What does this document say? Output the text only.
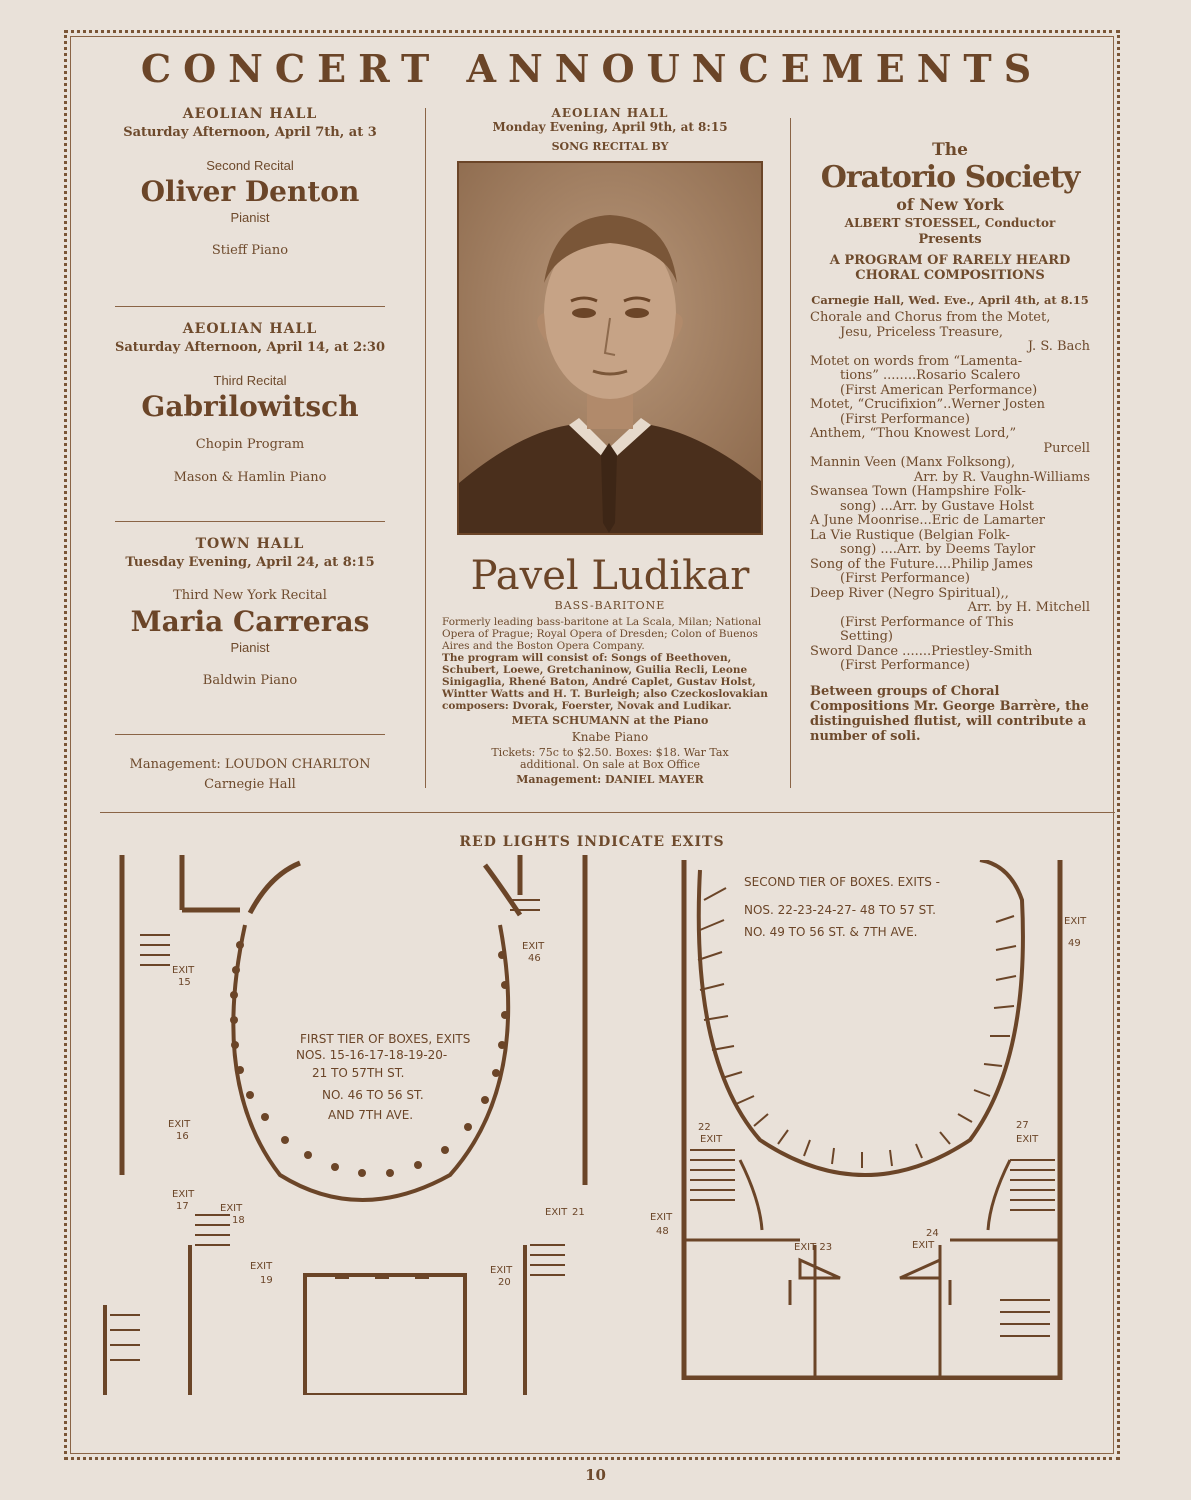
CONCERT ANNOUNCEMENTS
AEOLIAN HALL
Saturday Afternoon, April 7th, at 3
Second Recital
Oliver Denton
Pianist
Stieff Piano
AEOLIAN HALL
Saturday Afternoon, April 14, at 2:30
Third Recital
Gabrilowitsch
Chopin Program
Mason & Hamlin Piano
TOWN HALL
Tuesday Evening, April 24, at 8:15
Third New York Recital
Maria Carreras
Pianist
Baldwin Piano
Management: LOUDON CHARLTON
Carnegie Hall
AEOLIAN HALL
Monday Evening, April 9th, at 8:15
SONG RECITAL BY
Pavel Ludikar
BASS-BARITONE
Formerly leading bass-baritone at La Scala, Milan; National Opera of Prague; Royal Opera of Dresden; Colon of Buenos Aires and the Boston Opera Company.
The program will consist of: Songs of Beethoven, Schubert, Loewe, Gretchaninow, Guilia Recli, Leone Sinigaglia, Rhené Baton, André Caplet, Gustav Holst, Wintter Watts and H. T. Burleigh; also Czeckoslovakian composers: Dvorak, Foerster, Novak and Ludikar.
META SCHUMANN at the Piano
Knabe Piano
Tickets: 75c to $2.50. Boxes: $18. War Tax additional. On sale at Box Office
Management: DANIEL MAYER
The
Oratorio Society
of New York
ALBERT STOESSEL, Conductor
Presents
A PROGRAM OF RARELY HEARD
CHORAL COMPOSITIONS
Carnegie Hall, Wed. Eve., April 4th, at 8.15
Chorale and Chorus from the Motet,
Jesu, Priceless Treasure,
J. S. Bach
Motet on words from “Lamenta-
tions” ........Rosario Scalero
(First American Performance)
Motet, “Crucifixion”..Werner Josten
(First Performance)
Anthem, “Thou Knowest Lord,”
Purcell
Mannin Veen (Manx Folksong),
Arr. by R. Vaughn-Williams
Swansea Town (Hampshire Folk-
song) ...Arr. by Gustave Holst
A June Moonrise...Eric de Lamarter
La Vie Rustique (Belgian Folk-
song) ....Arr. by Deems Taylor
Song of the Future....Philip James
(First Performance)
Deep River (Negro Spiritual),,
Arr. by H. Mitchell
(First Performance of This
Setting)
Sword Dance .......Priestley-Smith
(First Performance)
Between groups of Choral Compositions Mr. George Barrère, the distinguished flutist, will contribute a number of soli.
RED LIGHTS INDICATE EXITS
EXIT
15
EXIT
16
EXIT
17	EXIT
18
EXIT
19
EXIT 21
EXIT
20
EXIT
46
FIRST TIER OF BOXES, EXITS
NOS. 15-16-17-18-19-20-
21 TO 57TH ST.
NO. 46 TO 56 ST.
AND 7TH AVE.
EXIT
22
EXIT
48
EXIT 23	EXIT
24
27
EXIT
EXIT
49
SECOND TIER OF BOXES. EXITS -
NOS. 22-23-24-27- 48 TO 57 ST.
NO. 49 TO 56 ST. & 7TH AVE.
10
